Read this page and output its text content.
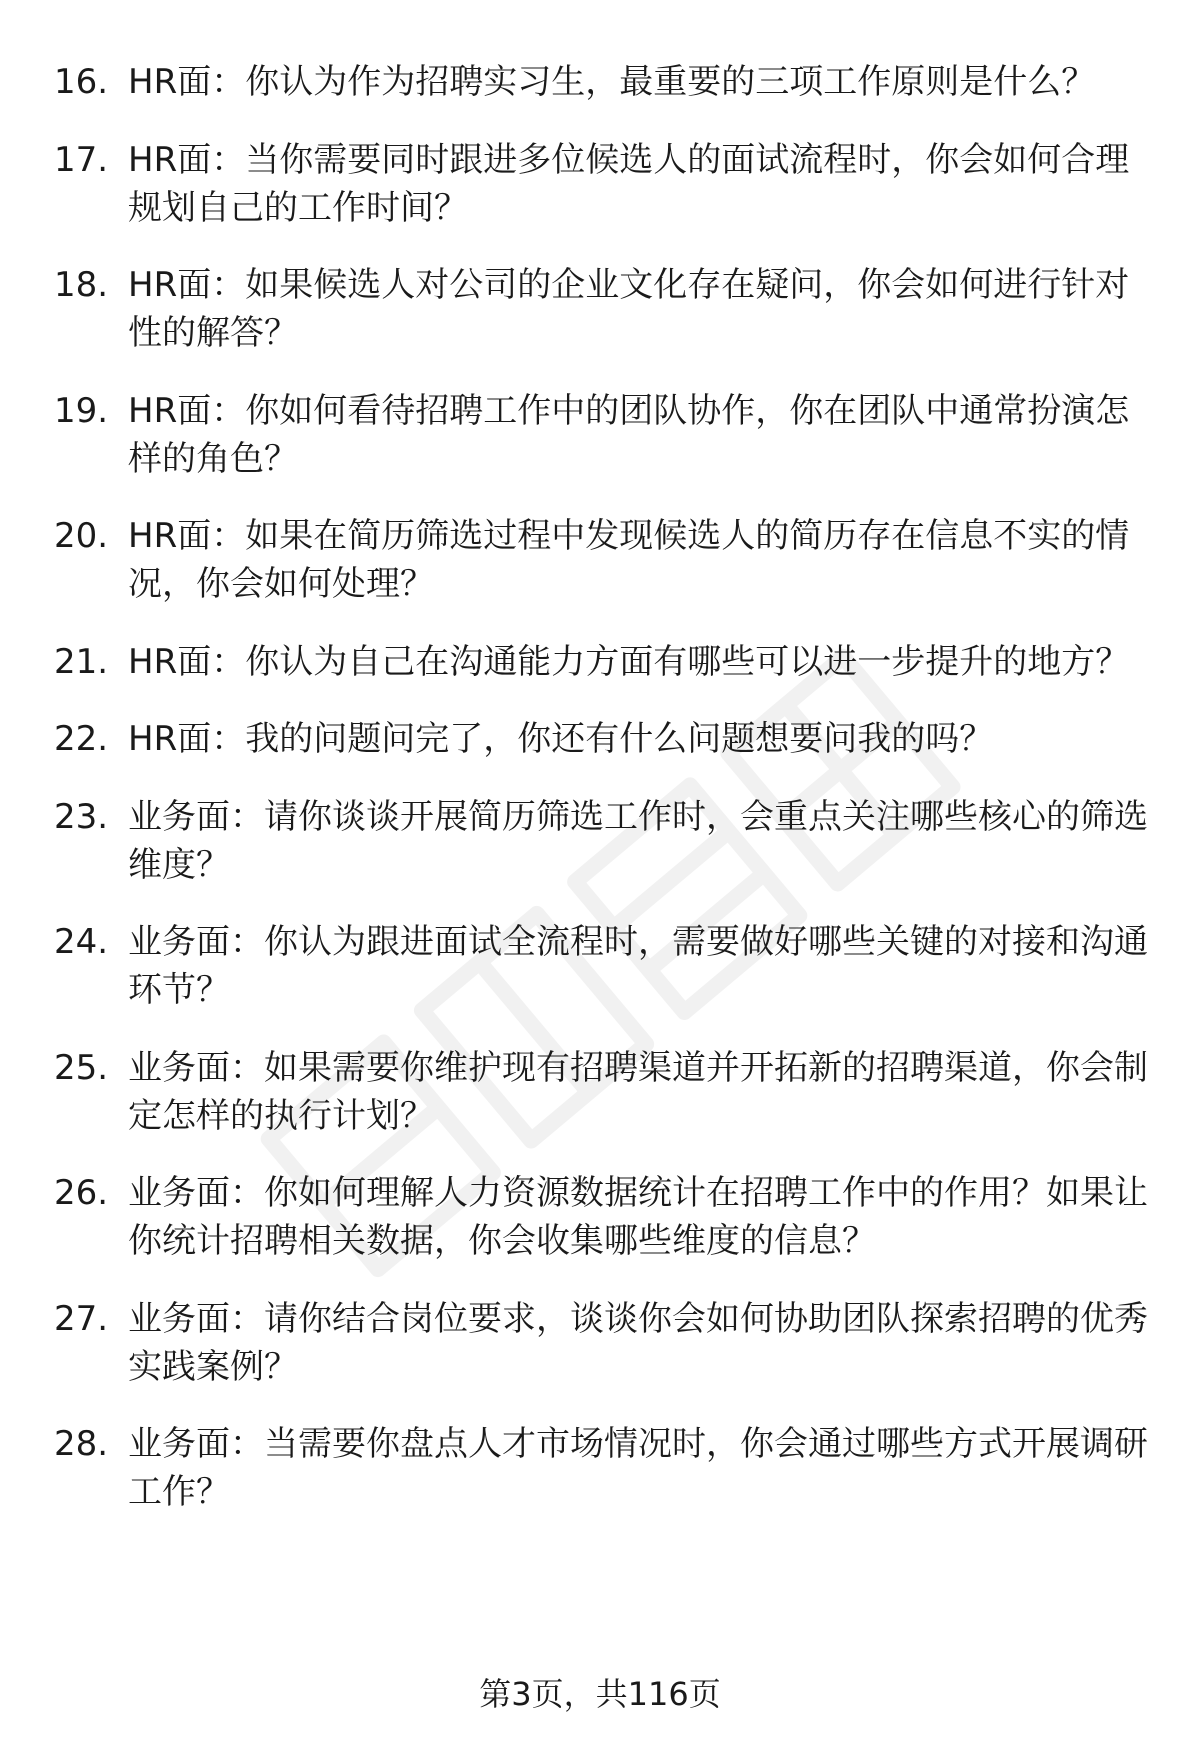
16. HR面：你认为作为招聘实习生，最重要的三项工作原则是什么？
17. HR面：当你需要同时跟进多位候选人的面试流程时，你会如何合理规划自己的工作时间？
18. HR面：如果候选人对公司的企业文化存在疑问，你会如何进行针对性的解答？
19. HR面：你如何看待招聘工作中的团队协作，你在团队中通常扮演怎样的角色？
20. HR面：如果在简历筛选过程中发现候选人的简历存在信息不实的情况，你会如何处理？
21. HR面：你认为自己在沟通能力方面有哪些可以进一步提升的地方？
22. HR面：我的问题问完了，你还有什么问题想要问我的吗？
23. 业务面：请你谈谈开展简历筛选工作时，会重点关注哪些核心的筛选维度？
24. 业务面：你认为跟进面试全流程时，需要做好哪些关键的对接和沟通环节？
25. 业务面：如果需要你维护现有招聘渠道并开拓新的招聘渠道，你会制定怎样的执行计划？
26. 业务面：你如何理解人力资源数据统计在招聘工作中的作用？如果让你统计招聘相关数据，你会收集哪些维度的信息？
27. 业务面：请你结合岗位要求，谈谈你会如何协助团队探索招聘的优秀实践案例？
28. 业务面：当需要你盘点人才市场情况时，你会通过哪些方式开展调研工作？
第3页，共116页
